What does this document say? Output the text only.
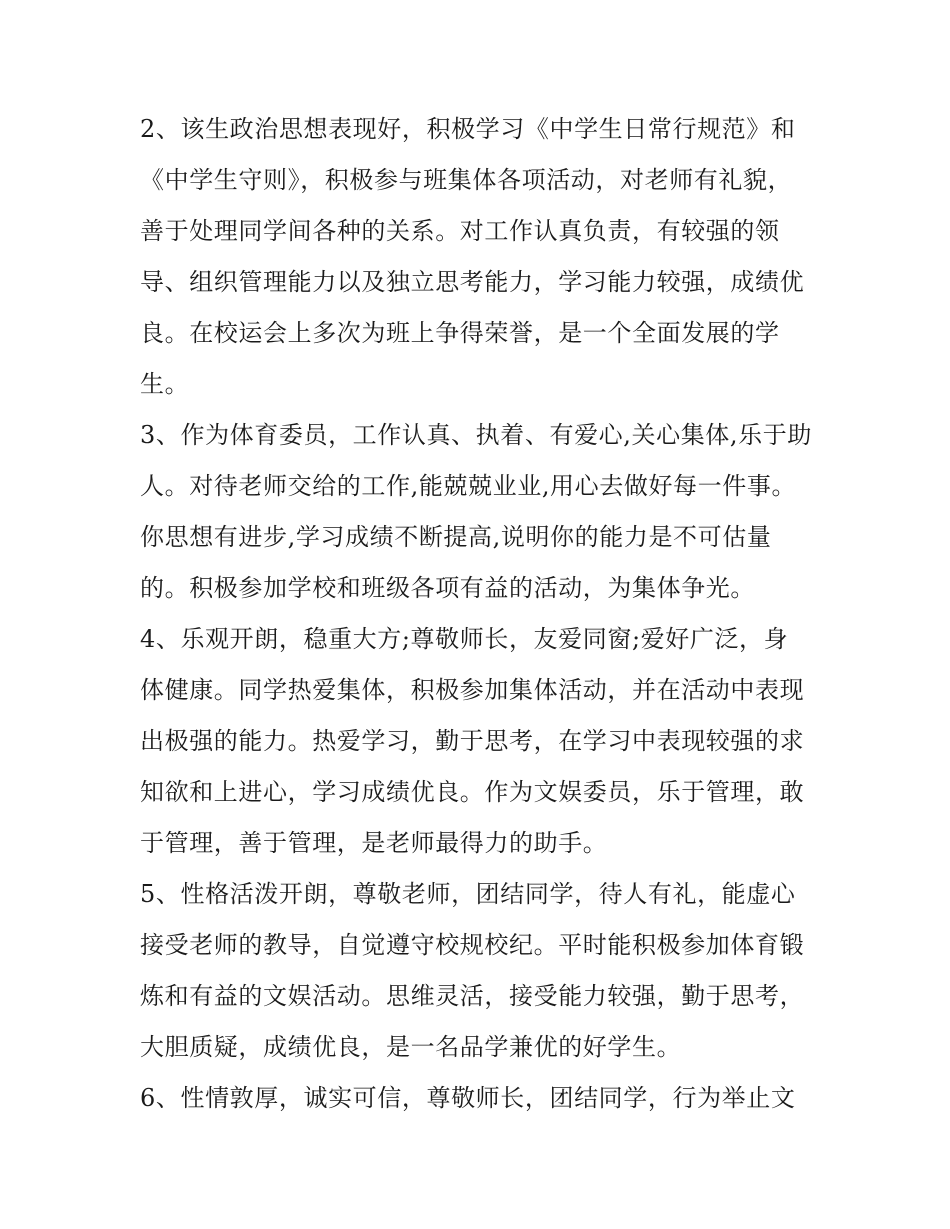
2、该生政治思想表现好，积极学习《中学生日常行规范》和
《中学生守则》，积极参与班集体各项活动，对老师有礼貌，
善于处理同学间各种的关系。对工作认真负责，有较强的领
导、组织管理能力以及独立思考能力，学习能力较强，成绩优
良。在校运会上多次为班上争得荣誉，是一个全面发展的学
生。
3、作为体育委员，工作认真、执着、有爱心,关心集体,乐于助
人。对待老师交给的工作,能兢兢业业,用心去做好每一件事。
你思想有进步,学习成绩不断提高,说明你的能力是不可估量
的。积极参加学校和班级各项有益的活动，为集体争光。
4、乐观开朗，稳重大方;尊敬师长，友爱同窗;爱好广泛，身
体健康。同学热爱集体，积极参加集体活动，并在活动中表现
出极强的能力。热爱学习，勤于思考，在学习中表现较强的求
知欲和上进心，学习成绩优良。作为文娱委员，乐于管理，敢
于管理，善于管理，是老师最得力的助手。
5、性格活泼开朗，尊敬老师，团结同学，待人有礼，能虚心
接受老师的教导，自觉遵守校规校纪。平时能积极参加体育锻
炼和有益的文娱活动。思维灵活，接受能力较强，勤于思考，
大胆质疑，成绩优良，是一名品学兼优的好学生。
6、性情敦厚，诚实可信，尊敬师长，团结同学，行为举止文
